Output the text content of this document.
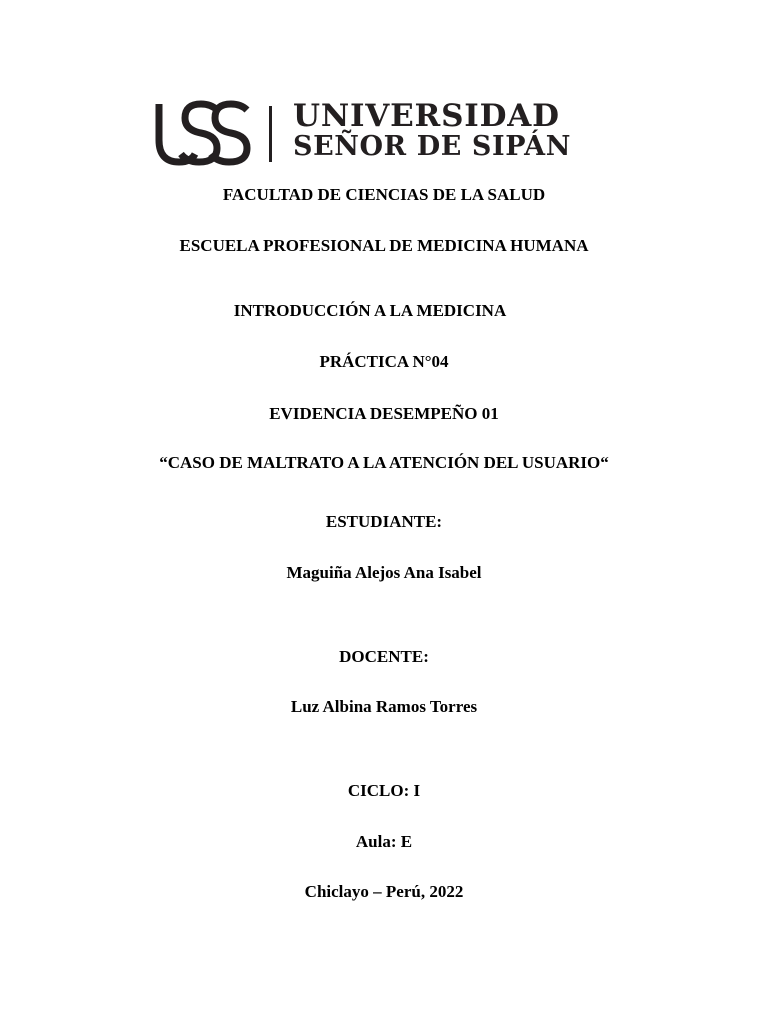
UNIVERSIDAD
SEÑOR DE SIPÁN
FACULTAD DE CIENCIAS DE LA SALUD
ESCUELA PROFESIONAL DE MEDICINA HUMANA
INTRODUCCIÓN A LA MEDICINA
PRÁCTICA N°04
EVIDENCIA DESEMPEÑO 01
“CASO DE MALTRATO A LA ATENCIÓN DEL USUARIO“
ESTUDIANTE:
Maguiña Alejos Ana Isabel
DOCENTE:
Luz Albina Ramos Torres
CICLO: I
Aula: E
Chiclayo – Perú, 2022
